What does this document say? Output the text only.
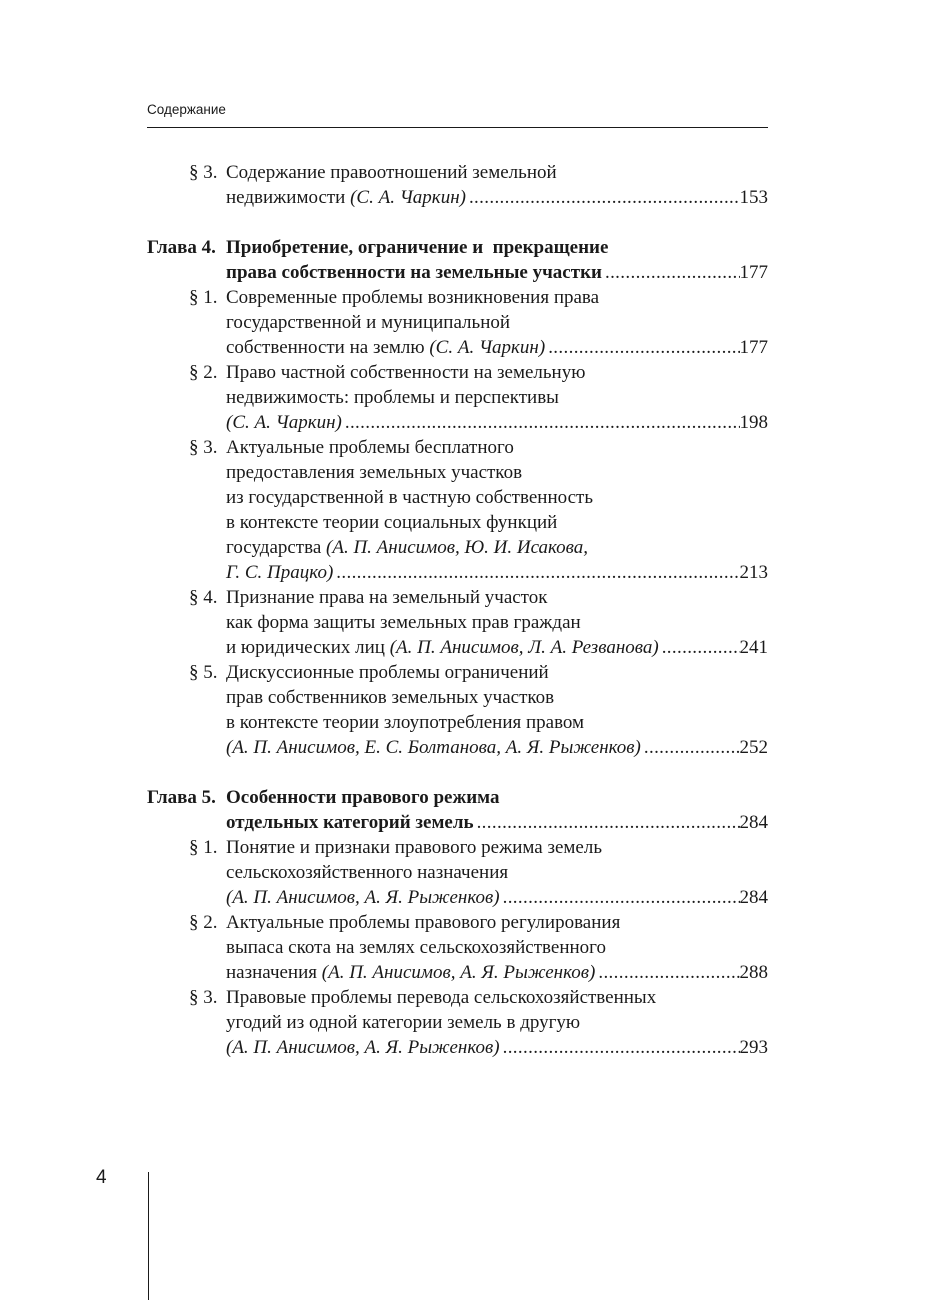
Содержание
§ 3. Содержание правоотношений земельной
недвижимости (С. А. Чаркин) . . .	153
Глава 4. Приобретение, ограничение и  прекращение
права собственности на земельные участки . . .	177
§ 1. Современные проблемы возникновения права
государственной и муниципальной
собственности на землю (С. А. Чаркин) . . .	177
§ 2. Право частной собственности на земельную
недвижимость: проблемы и перспективы
(С. А. Чаркин) . . .	198
§ 3. Актуальные проблемы бесплатного
предоставления земельных участков
из государственной в частную собственность
в контексте теории социальных функций
государства (А. П. Анисимов, Ю. И. Исакова,
Г. С. Працко) . . .	213
§ 4. Признание права на земельный участок
как форма защиты земельных прав граждан
и юридических лиц (А. П. Анисимов, Л. А. Резванова) . . .	241
§ 5. Дискуссионные проблемы ограничений
прав собственников земельных участков
в контексте теории злоупотребления правом
(А. П. Анисимов, Е. С. Болтанова, А. Я. Рыженков) . . .	252
Глава 5. Особенности правового режима
отдельных категорий земель . . .	284
§ 1. Понятие и признаки правового режима земель
сельскохозяйственного назначения
(А. П. Анисимов, А. Я. Рыженков) . . .	284
§ 2. Актуальные проблемы правового регулирования
выпаса скота на землях сельскохозяйственного
назначения (А. П. Анисимов, А. Я. Рыженков) . . .	288
§ 3. Правовые проблемы перевода сельскохозяйственных
угодий из одной категории земель в другую
(А. П. Анисимов, А. Я. Рыженков) . . .	293
4
